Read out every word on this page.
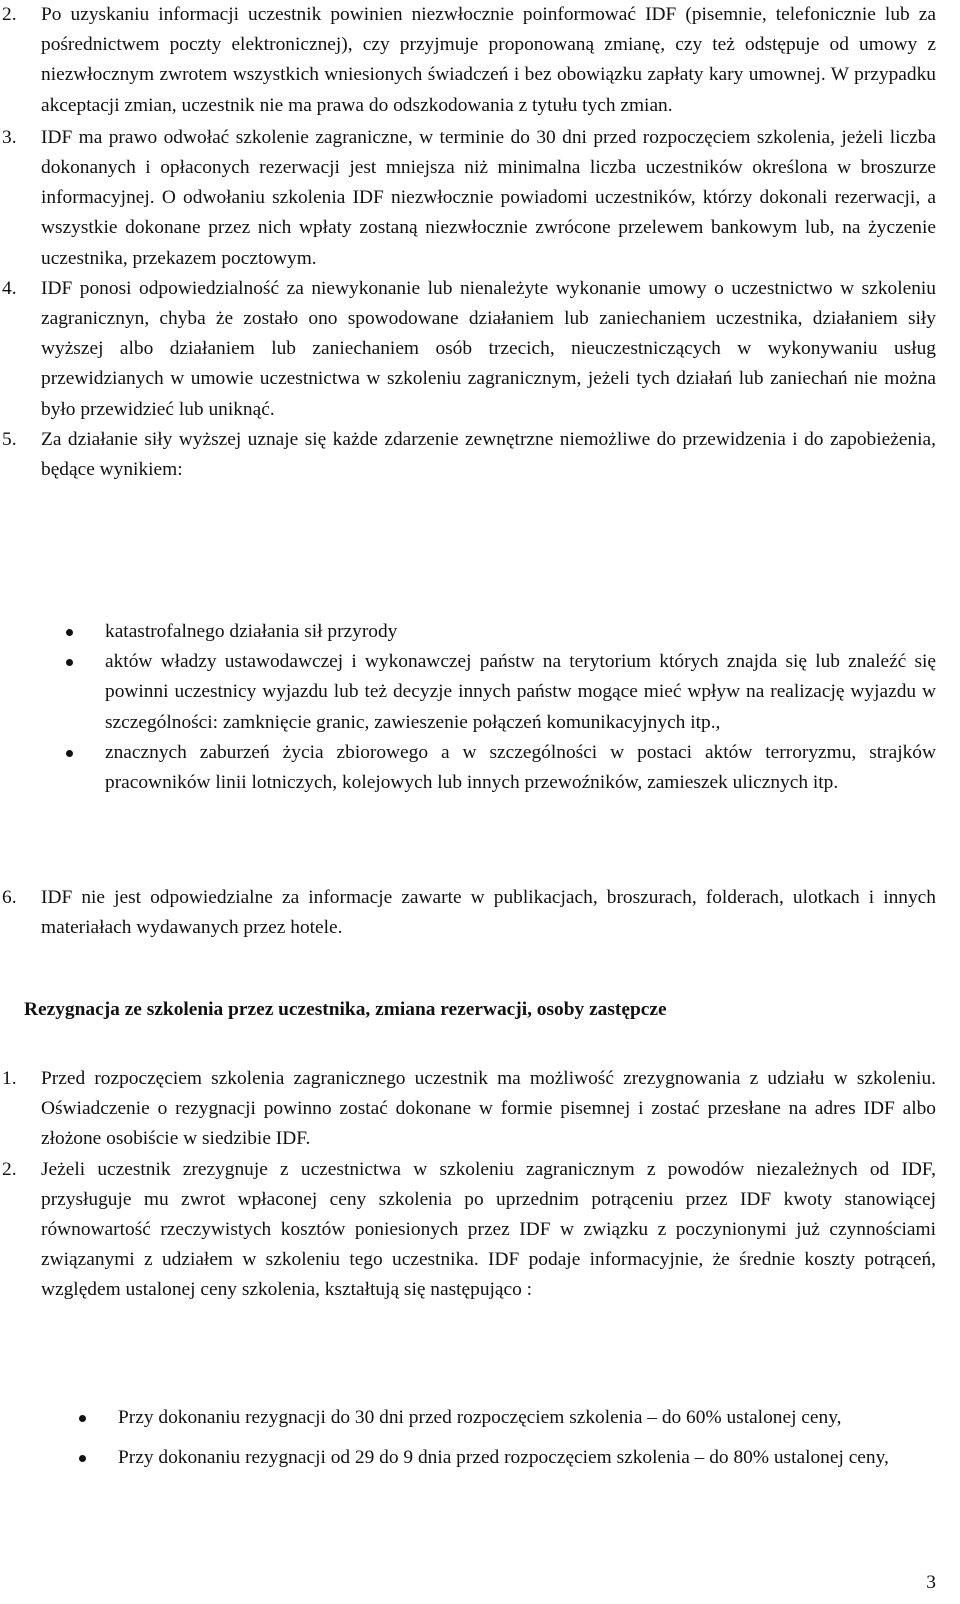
2. Po uzyskaniu informacji uczestnik powinien niezwłocznie poinformować IDF (pisemnie, telefonicznie lub za pośrednictwem poczty elektronicznej), czy przyjmuje proponowaną zmianę, czy też odstępuje od umowy z niezwłocznym zwrotem wszystkich wniesionych świadczeń i bez obowiązku zapłaty kary umownej. W przypadku akceptacji zmian, uczestnik nie ma prawa do odszkodowania z tytułu tych zmian.
3. IDF ma prawo odwołać szkolenie zagraniczne, w terminie do 30 dni przed rozpoczęciem szkolenia, jeżeli liczba dokonanych i opłaconych rezerwacji jest mniejsza niż minimalna liczba uczestników określona w broszurze informacyjnej. O odwołaniu szkolenia IDF niezwłocznie powiadomi uczestników, którzy dokonali rezerwacji, a wszystkie dokonane przez nich wpłaty zostaną niezwłocznie zwrócone przelewem bankowym lub, na życzenie uczestnika, przekazem pocztowym.
4. IDF ponosi odpowiedzialność za niewykonanie lub nienależyte wykonanie umowy o uczestnictwo w szkoleniu zagranicznyn, chyba że zostało ono spowodowane działaniem lub zaniechaniem uczestnika, działaniem siły wyższej albo działaniem lub zaniechaniem osób trzecich, nieuczestniczących w wykonywaniu usług przewidzianych w umowie uczestnictwa w szkoleniu zagranicznym, jeżeli tych działań lub zaniechań nie można było przewidzieć lub uniknąć.
5. Za działanie siły wyższej uznaje się każde zdarzenie zewnętrzne niemożliwe do przewidzenia i do zapobieżenia, będące wynikiem:
katastrofalnego działania sił przyrody
aktów władzy ustawodawczej i wykonawczej państw na terytorium których znajda się lub znaleźć się powinni uczestnicy wyjazdu lub też decyzje innych państw mogące mieć wpływ na realizację wyjazdu w szczególności: zamknięcie granic, zawieszenie połączeń komunikacyjnych itp.,
znacznych zaburzeń życia zbiorowego a w szczególności w postaci aktów terroryzmu, strajków pracowników linii lotniczych, kolejowych lub innych przewoźników, zamieszek ulicznych itp.
6. IDF nie jest odpowiedzialne za informacje zawarte w publikacjach, broszurach, folderach, ulotkach i innych materiałach wydawanych przez hotele.
Rezygnacja ze szkolenia przez uczestnika, zmiana rezerwacji, osoby zastępcze
1. Przed rozpoczęciem szkolenia zagranicznego uczestnik ma możliwość zrezygnowania z udziału w szkoleniu. Oświadczenie o rezygnacji powinno zostać dokonane w formie pisemnej i zostać przesłane na adres IDF albo złożone osobiście w siedzibie IDF.
2. Jeżeli uczestnik zrezygnuje z uczestnictwa w szkoleniu zagranicznym z powodów niezależnych od IDF, przysługuje mu zwrot wpłaconej ceny szkolenia po uprzednim potrąceniu przez IDF kwoty stanowiącej równowartość rzeczywistych kosztów poniesionych przez IDF w związku z poczynionymi już czynnościami związanymi z udziałem w szkoleniu tego uczestnika. IDF podaje informacyjnie, że średnie koszty potrąceń, względem ustalonej ceny szkolenia, kształtują się następująco :
Przy dokonaniu rezygnacji do 30 dni przed rozpoczęciem szkolenia – do 60% ustalonej ceny,
Przy dokonaniu rezygnacji od 29 do 9 dnia przed rozpoczęciem szkolenia – do 80% ustalonej ceny,
3
